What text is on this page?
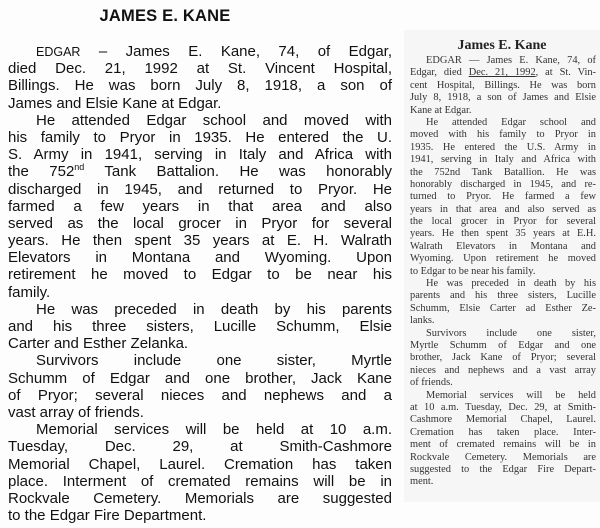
JAMES E. KANE
EDGAR – James E. Kane, 74, of Edgar,
died Dec. 21, 1992 at St. Vincent Hospital,
Billings. He was born July 8, 1918, a son of
James and Elsie Kane at Edgar.
He attended Edgar school and moved with
his family to Pryor in 1935. He entered the U.
S. Army in 1941, serving in Italy and Africa with
the 752nd Tank Battalion. He was honorably
discharged in 1945, and returned to Pryor. He
farmed a few years in that area and also
served as the local grocer in Pryor for several
years. He then spent 35 years at E. H. Walrath
Elevators in Montana and Wyoming. Upon
retirement he moved to Edgar to be near his
family.
He was preceded in death by his parents
and his three sisters, Lucille Schumm, Elsie
Carter and Esther Zelanka.
Survivors include one sister, Myrtle
Schumm of Edgar and one brother, Jack Kane
of Pryor; several nieces and nephews and a
vast array of friends.
Memorial services will be held at 10 a.m.
Tuesday, Dec. 29, at Smith-Cashmore
Memorial Chapel, Laurel. Cremation has taken
place. Interment of cremated remains will be in
Rockvale Cemetery. Memorials are suggested
to the Edgar Fire Department.
James E. Kane
EDGAR — James E. Kane, 74, of
Edgar, died Dec. 21, 1992, at St. Vin-
cent Hospital, Billings. He was born
July 8, 1918, a son of James and Elsie
Kane at Edgar.
He attended Edgar school and
moved with his family to Pryor in
1935. He entered the U.S. Army in
1941, serving in Italy and Africa with
the 752nd Tank Batallion. He was
honorably discharged in 1945, and re-
turned to Pryor. He farmed a few
years in that area and also served as
the local grocer in Pryor for several
years. He then spent 35 years at E.H.
Walrath Elevators in Montana and
Wyoming. Upon retirement he moved
to Edgar to be near his family.
He was preceded in death by his
parents and his three sisters, Lucille
Schumm, Elsie Carter ad Esther Ze-
lanks.
Survivors include one sister,
Myrtle Schumm of Edgar and one
brother, Jack Kane of Pryor; several
nieces and nephews and a vast array
of friends.
Memorial services will be held
at 10 a.m. Tuesday, Dec. 29, at Smith-
Cashmore Memorial Chapel, Laurel.
Cremation has taken place. Inter-
ment of cremated remains will be in
Rockvale Cemetery. Memorials are
suggested to the Edgar Fire Depart-
ment.
